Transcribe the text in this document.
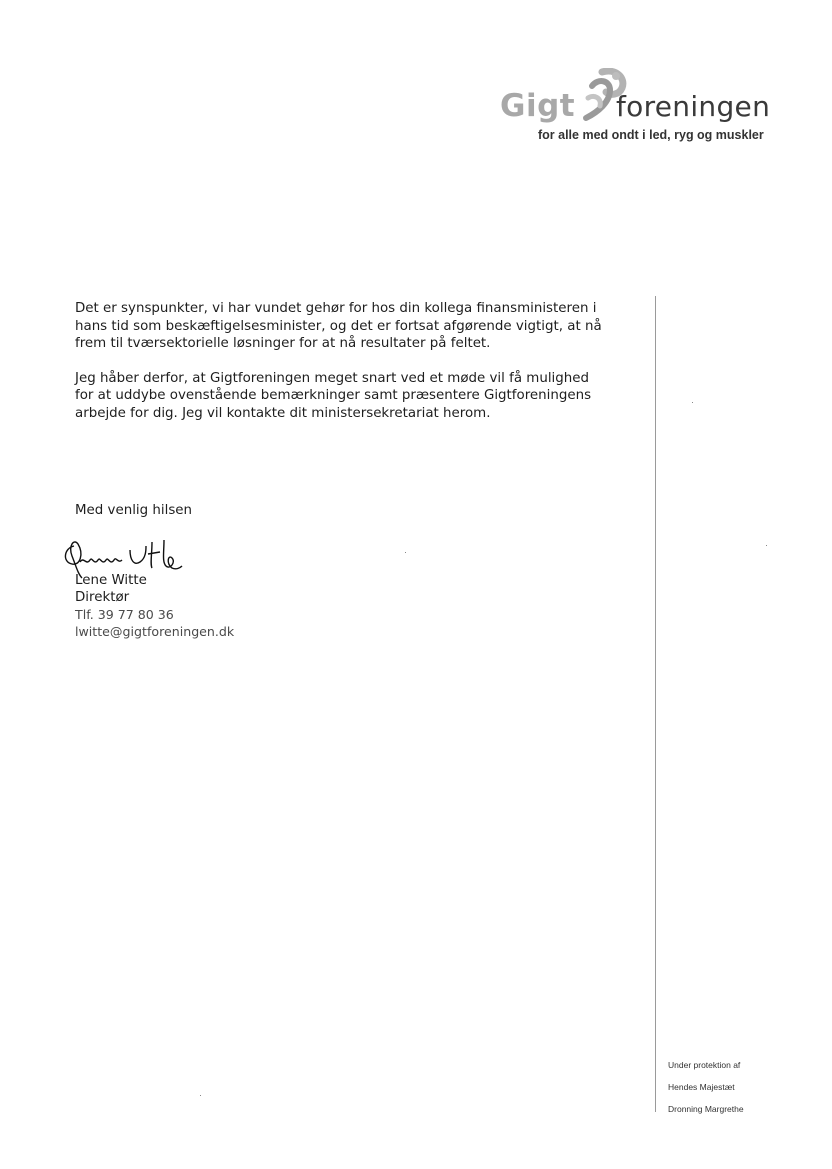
Gigt foreningen
for alle med ondt i led, ryg og muskler

Det er synspunkter, vi har vundet gehør for hos din kollega finansministeren i
hans tid som beskæftigelsesminister, og det er fortsat afgørende vigtigt, at nå
frem til tværsektorielle løsninger for at nå resultater på feltet.

Jeg håber derfor, at Gigtforeningen meget snart ved et møde vil få mulighed
for at uddybe ovenstående bemærkninger samt præsentere Gigtforeningens
arbejde for dig. Jeg vil kontakte dit ministersekretariat herom.

Med venlig hilsen
Lene Witte
Direktør
Tlf. 39 77 80 36
lwitte@gigtforeningen.dk
Under protektion af
Hendes Majestæt
Dronning Margrethe
